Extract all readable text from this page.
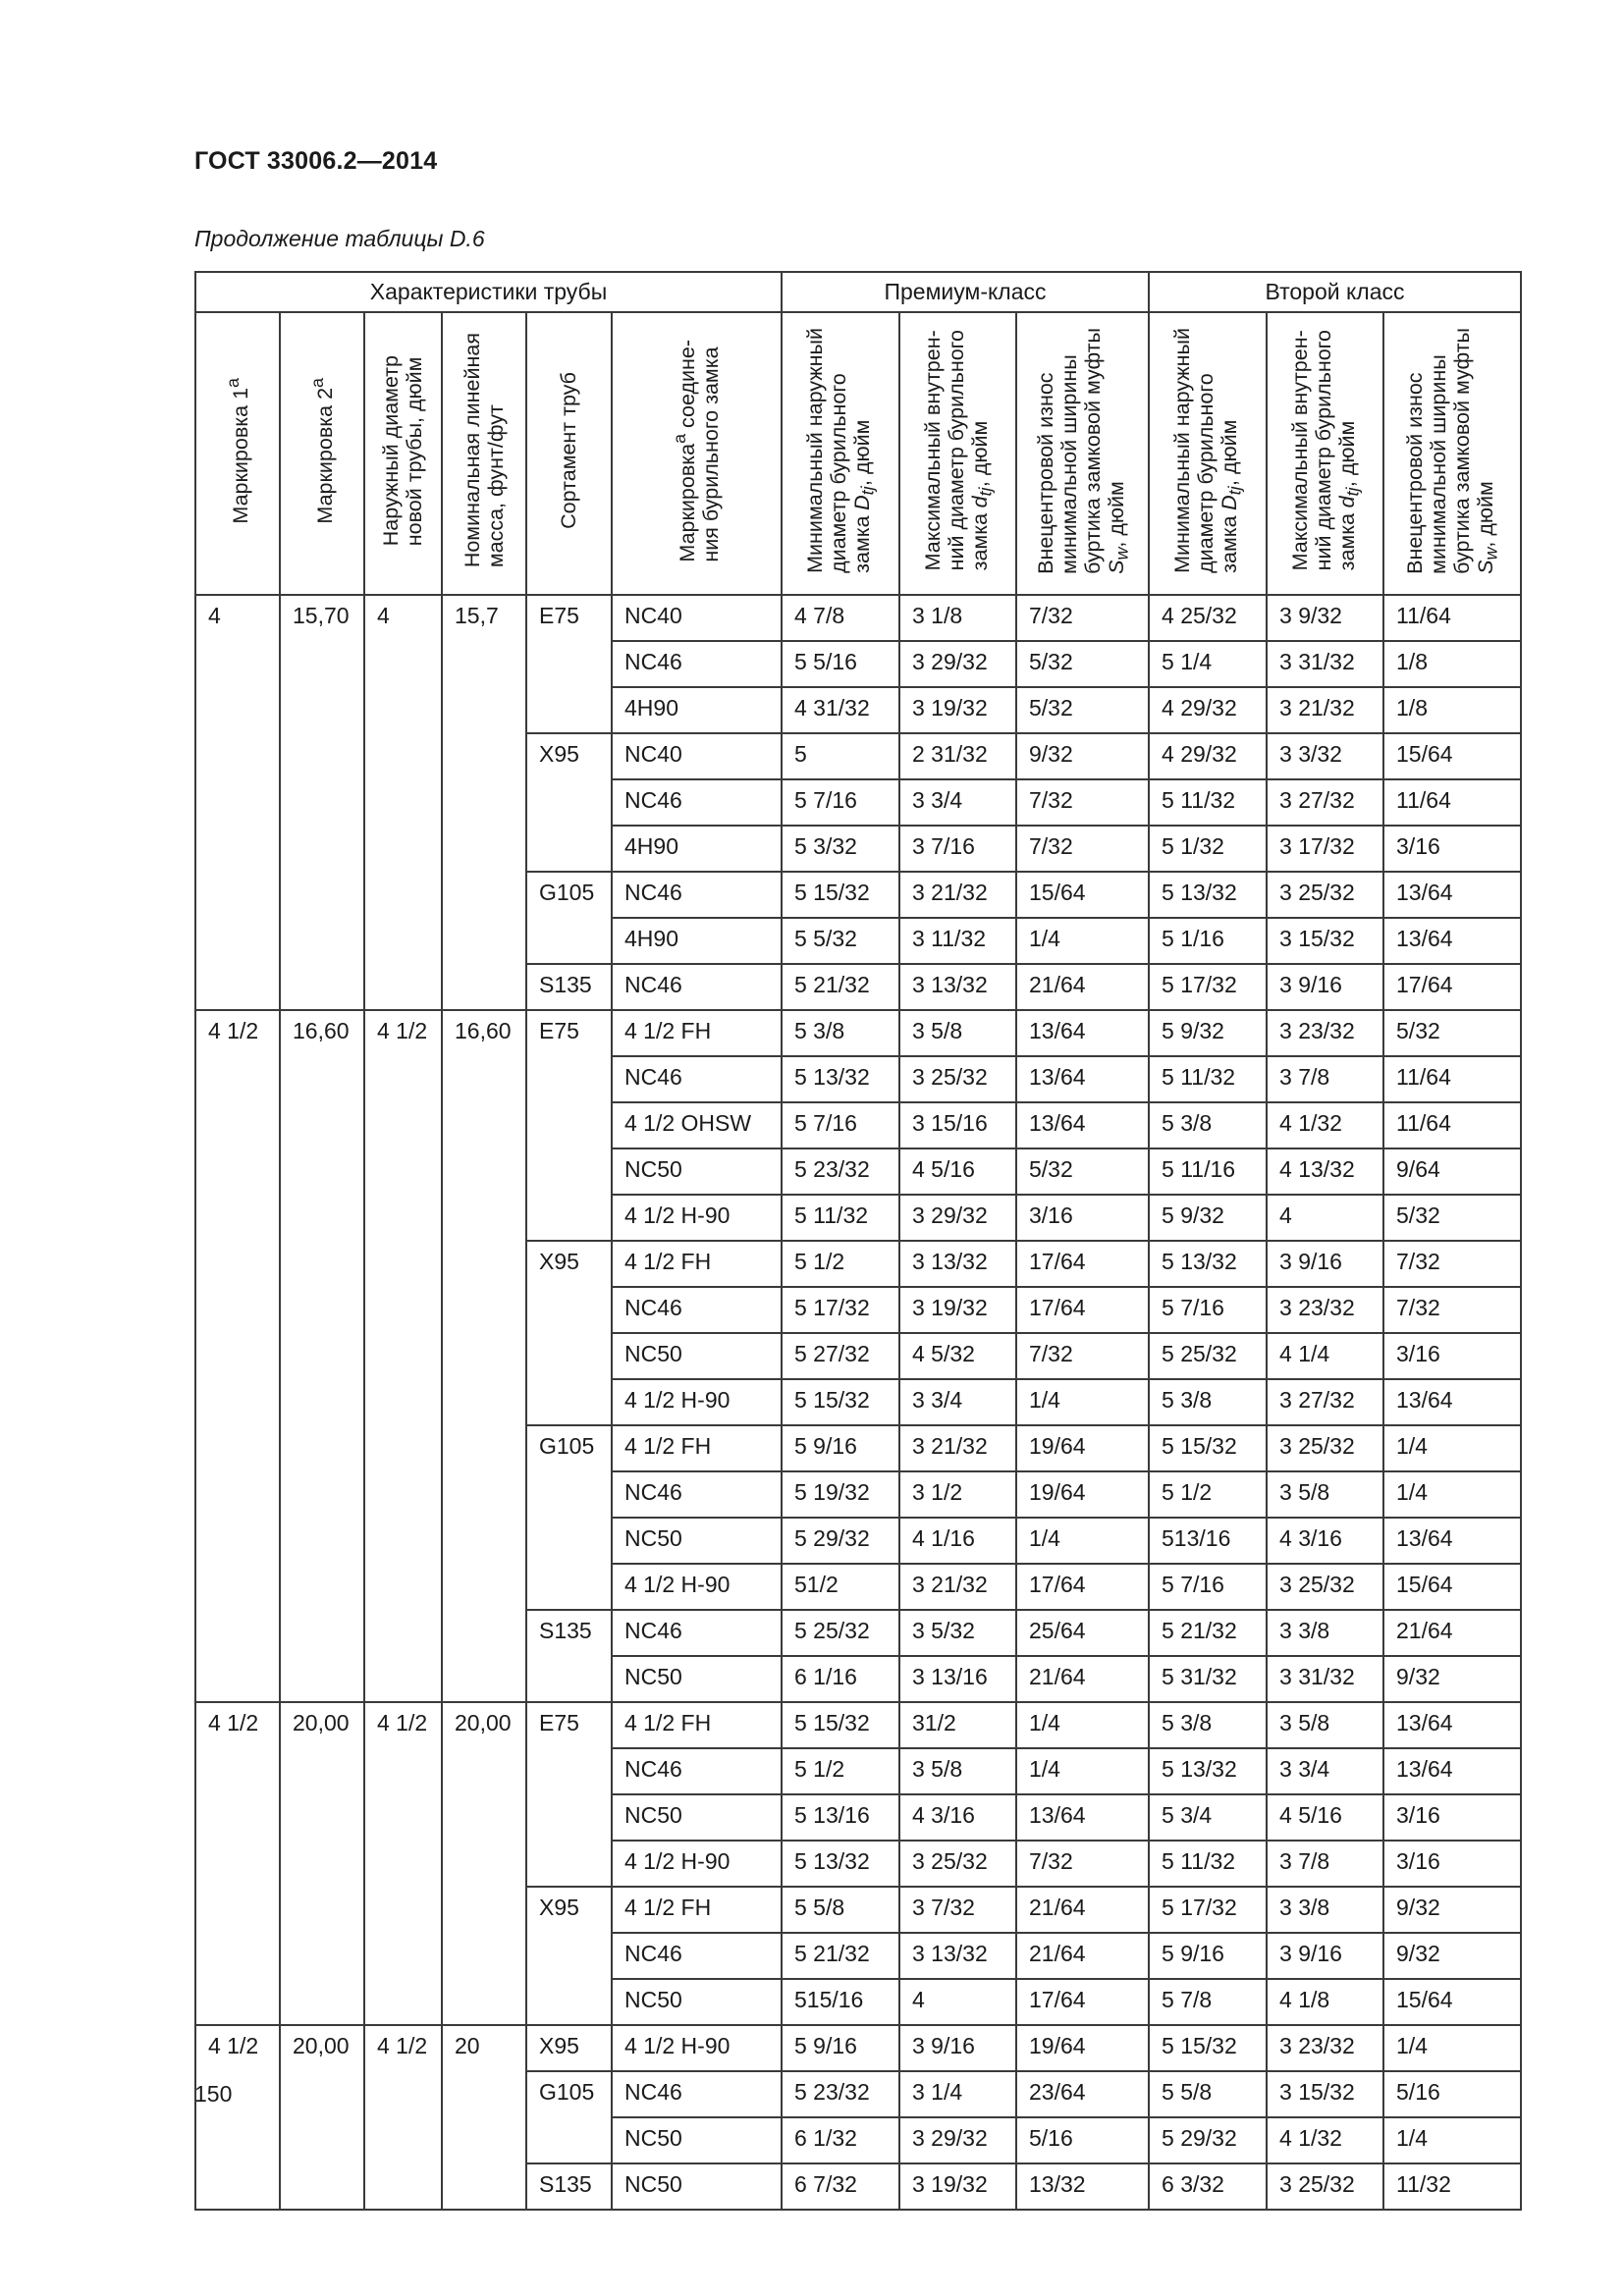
ГОСТ 33006.2—2014
Продолжение таблицы D.6
Характеристики трубы						Премиум-класс			Второй класс		
Маркировка 1$^a$	Маркировка 2$^a$	Наружный диаметр
новой трубы, дюйм	Номинальная линейная
масса, фунт/фут	Сортамент труб	Маркировка$^a$ соедине-
ния бурильного замка	Минимальный наружный
диаметр бурильного
замка $D_{tj}$, дюйм	Максимальный внутрен-
ний диаметр бурильного
замка $d_{tj}$, дюйм	Внецентровой износ
минимальной ширины
буртика замковой муфты
$S_w$, дюйм	Минимальный наружный
диаметр бурильного
замка $D_{tj}$, дюйм	Максимальный внутрен-
ний диаметр бурильного
замка $d_{tj}$, дюйм	Внецентровой износ
минимальной ширины
буртика замковой муфты
$S_w$, дюйм
4	15,70	4	15,7	E75	NC40	4 7/8	3 1/8	7/32	4 25/32	3 9/32	11/64
					NC46	5 5/16	3 29/32	5/32	5 1/4	3 31/32	1/8
					4H90	4 31/32	3 19/32	5/32	4 29/32	3 21/32	1/8
				X95	NC40	5	2 31/32	9/32	4 29/32	3 3/32	15/64
					NC46	5 7/16	3 3/4	7/32	5 11/32	3 27/32	11/64
					4H90	5 3/32	3 7/16	7/32	5 1/32	3 17/32	3/16
				G105	NC46	5 15/32	3 21/32	15/64	5 13/32	3 25/32	13/64
					4H90	5 5/32	3 11/32	1/4	5 1/16	3 15/32	13/64
				S135	NC46	5 21/32	3 13/32	21/64	5 17/32	3 9/16	17/64
4 1/2	16,60	4 1/2	16,60	E75	4 1/2 FH	5 3/8	3 5/8	13/64	5 9/32	3 23/32	5/32
					NC46	5 13/32	3 25/32	13/64	5 11/32	3 7/8	11/64
					4 1/2 OHSW	5 7/16	3 15/16	13/64	5 3/8	4 1/32	11/64
					NC50	5 23/32	4 5/16	5/32	5 11/16	4 13/32	9/64
					4 1/2 H-90	5 11/32	3 29/32	3/16	5 9/32	4	5/32
				X95	4 1/2 FH	5 1/2	3 13/32	17/64	5 13/32	3 9/16	7/32
					NC46	5 17/32	3 19/32	17/64	5 7/16	3 23/32	7/32
					NC50	5 27/32	4 5/32	7/32	5 25/32	4 1/4	3/16
					4 1/2 H-90	5 15/32	3 3/4	1/4	5 3/8	3 27/32	13/64
				G105	4 1/2 FH	5 9/16	3 21/32	19/64	5 15/32	3 25/32	1/4
					NC46	5 19/32	3 1/2	19/64	5 1/2	3 5/8	1/4
					NC50	5 29/32	4 1/16	1/4	513/16	4 3/16	13/64
					4 1/2 H-90	51/2	3 21/32	17/64	5 7/16	3 25/32	15/64
				S135	NC46	5 25/32	3 5/32	25/64	5 21/32	3 3/8	21/64
					NC50	6 1/16	3 13/16	21/64	5 31/32	3 31/32	9/32
4 1/2	20,00	4 1/2	20,00	E75	4 1/2 FH	5 15/32	31/2	1/4	5 3/8	3 5/8	13/64
					NC46	5 1/2	3 5/8	1/4	5 13/32	3 3/4	13/64
					NC50	5 13/16	4 3/16	13/64	5 3/4	4 5/16	3/16
					4 1/2 H-90	5 13/32	3 25/32	7/32	5 11/32	3 7/8	3/16
				X95	4 1/2 FH	5 5/8	3 7/32	21/64	5 17/32	3 3/8	9/32
					NC46	5 21/32	3 13/32	21/64	5 9/16	3 9/16	9/32
					NC50	515/16	4	17/64	5 7/8	4 1/8	15/64
4 1/2	20,00	4 1/2	20	X95	4 1/2 H-90	5 9/16	3 9/16	19/64	5 15/32	3 23/32	1/4
				G105	NC46	5 23/32	3 1/4	23/64	5 5/8	3 15/32	5/16
					NC50	6 1/32	3 29/32	5/16	5 29/32	4 1/32	1/4
				S135	NC50	6 7/32	3 19/32	13/32	6 3/32	3 25/32	11/32
150
